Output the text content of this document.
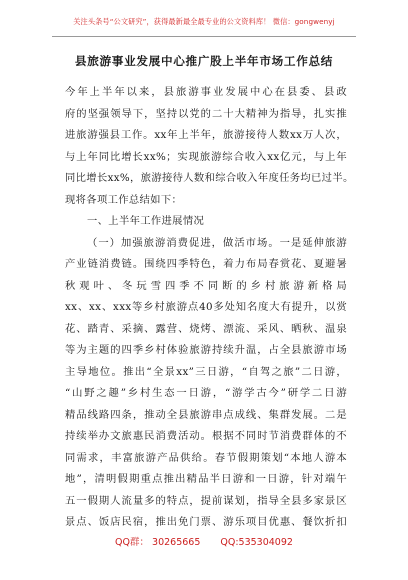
关注头条号“公文研究”，获得最新最全最专业的公文资料库！ 微信：gongwenyj
县旅游事业发展中心推广股上半年市场工作总结
今年上半年以来，县旅游事业发展中心在县委、县政
府的坚强领导下，坚持以党的二十大精神为指导，扎实推
进旅游强县工作。xx年上半年，旅游接待人数xx万人次，
与上年同比增长xx%；实现旅游综合收入xx亿元，与上年
同比增长xx%，旅游接待人数和综合收入年度任务均已过半。
现将各项工作总结如下：
一、上半年工作进展情况
（一）加强旅游消费促进，做活市场。一是延伸旅游
产业链消费链。围绕四季特色，着力布局春赏花、夏避暑
秋观叶、冬玩雪四季不同断的乡村旅游新格局
xx、xx、xxx等乡村旅游点40多处知名度大有提升，以赏
花、踏青、采摘、露营、烧烤、漂流、采风、晒秋、温泉
等为主题的四季乡村体验旅游持续升温，占全县旅游市场
主导地位。推出“全景xx”三日游，“自驾之旅”二日游，
“山野之趣”乡村生态一日游，“游学古今”研学二日游
精品线路四条，推动全县旅游串点成线、集群发展。二是
持续举办文旅惠民消费活动。根据不同时节消费群体的不
同需求，丰富旅游产品供给。春节假期策划“本地人游本
地”，清明假期重点推出精品半日游和一日游，针对端午
五一假期人流量多的特点，提前谋划，指导全县多家景区
景点、饭店民宿，推出免门票、游乐项目优惠、餐饮折扣
QQ群： 30265665 QQ:535304092
